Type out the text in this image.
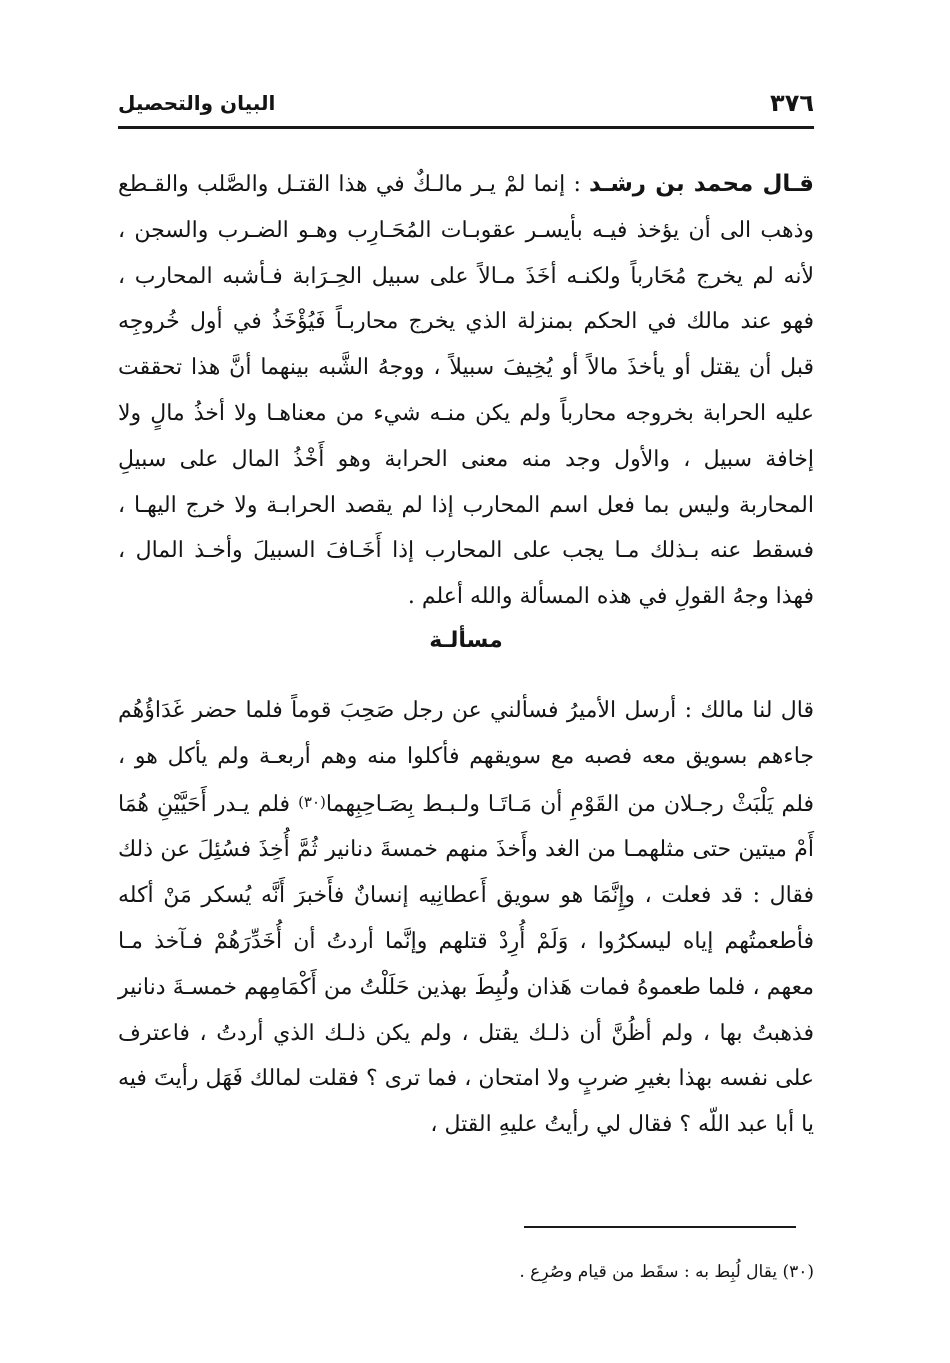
٣٧٦
البيان والتحصيل

قـال محمد بن رشـد : إنما لمْ يـر مالـكٌ في هذا القتـل والصَّلب والقـطع وذهب الى أن يؤخذ فيـه بأيسـر عقوبـات المُحَـارِب وهـو الضـرب والسجن ، لأنه لم يخرج مُحَارباً ولكنـه أخَذَ مـالاً على سبيل الحِـرَابة فـأشبه المحارب ، فهو عند مالك في الحكم بمنزلة الذي يخرج محاربـاً فَيُؤْخَذُ في أول خُروجِه قبل أن يقتل أو يأخذَ مالاً أو يُخِيفَ سبيلاً ، ووجهُ الشَّبه بينهما أنَّ هذا تحققت عليه الحرابة بخروجه محارباً ولم يكن منـه شيء من معناهـا ولا أخذُ مالٍ ولا إخافة سبيل ، والأول وجد منه معنى الحرابة وهو أَخْذُ المال على سبيلِ المحاربة وليس بما فعل اسم المحارب إذا لم يقصد الحرابـة ولا خرج اليهـا ، فسقط عنه بـذلك مـا يجب على المحارب إذا أَخَـافَ السبيلَ وأخـذ المال ، فهذا وجهُ القولِ في هذه المسألة والله أعلم .

مسألـة

قال لنا مالك : أرسل الأميرُ فسألني عن رجل صَحِبَ قوماً فلما حضر غَدَاؤُهُم جاءهم بسويق معه فصبه مع سويقهم فأكلوا منه وهم أربعـة ولم يأكل هو ، فلم يَلْبَثْ رجـلان من القَوْمِ أن مَـاتَـا ولـبـط بِصَـاحِبِهما(٣٠) فلم يـدر أَحَيَّيْنِ هُمَا أَمْ ميتين حتى مثلهمـا من الغد وأَخذَ منهم خمسةَ دنانير ثُمَّ أُخِذَ فسُئِلَ عن ذلك فقال : قد فعلت ، وإِنَّمَا هو سويق أَعطانِيه إنسانٌ فأَخبرَ أَنَّه يُسكر مَنْ أكله فأطعمتُهم إياه ليسكرُوا ، وَلَمْ أُرِدْ قتلهم وإنَّما أردتُ أن أُخَدِّرَهُمْ فـآخذ مـا معهم ، فلما طعموهُ فمات هَذان ولُبِطَ بهذين حَلَلْتُ من أَكْمَامِهم خمسـةَ دنانير فذهبتُ بها ، ولم أظُنَّ أن ذلـك يقتل ، ولم يكن ذلـك الذي أردتُ ، فاعترف على نفسه بهذا بغيرِ ضربٍ ولا امتحان ، فما ترى ؟ فقلت لمالك فَهَل رأيتَ فيه يا أبا عبد اللّه ؟ فقال لي رأيتُ عليهِ القتل ،

(٣٠) يقال لُبِط به : سقَط من قيام وصُرِع .
